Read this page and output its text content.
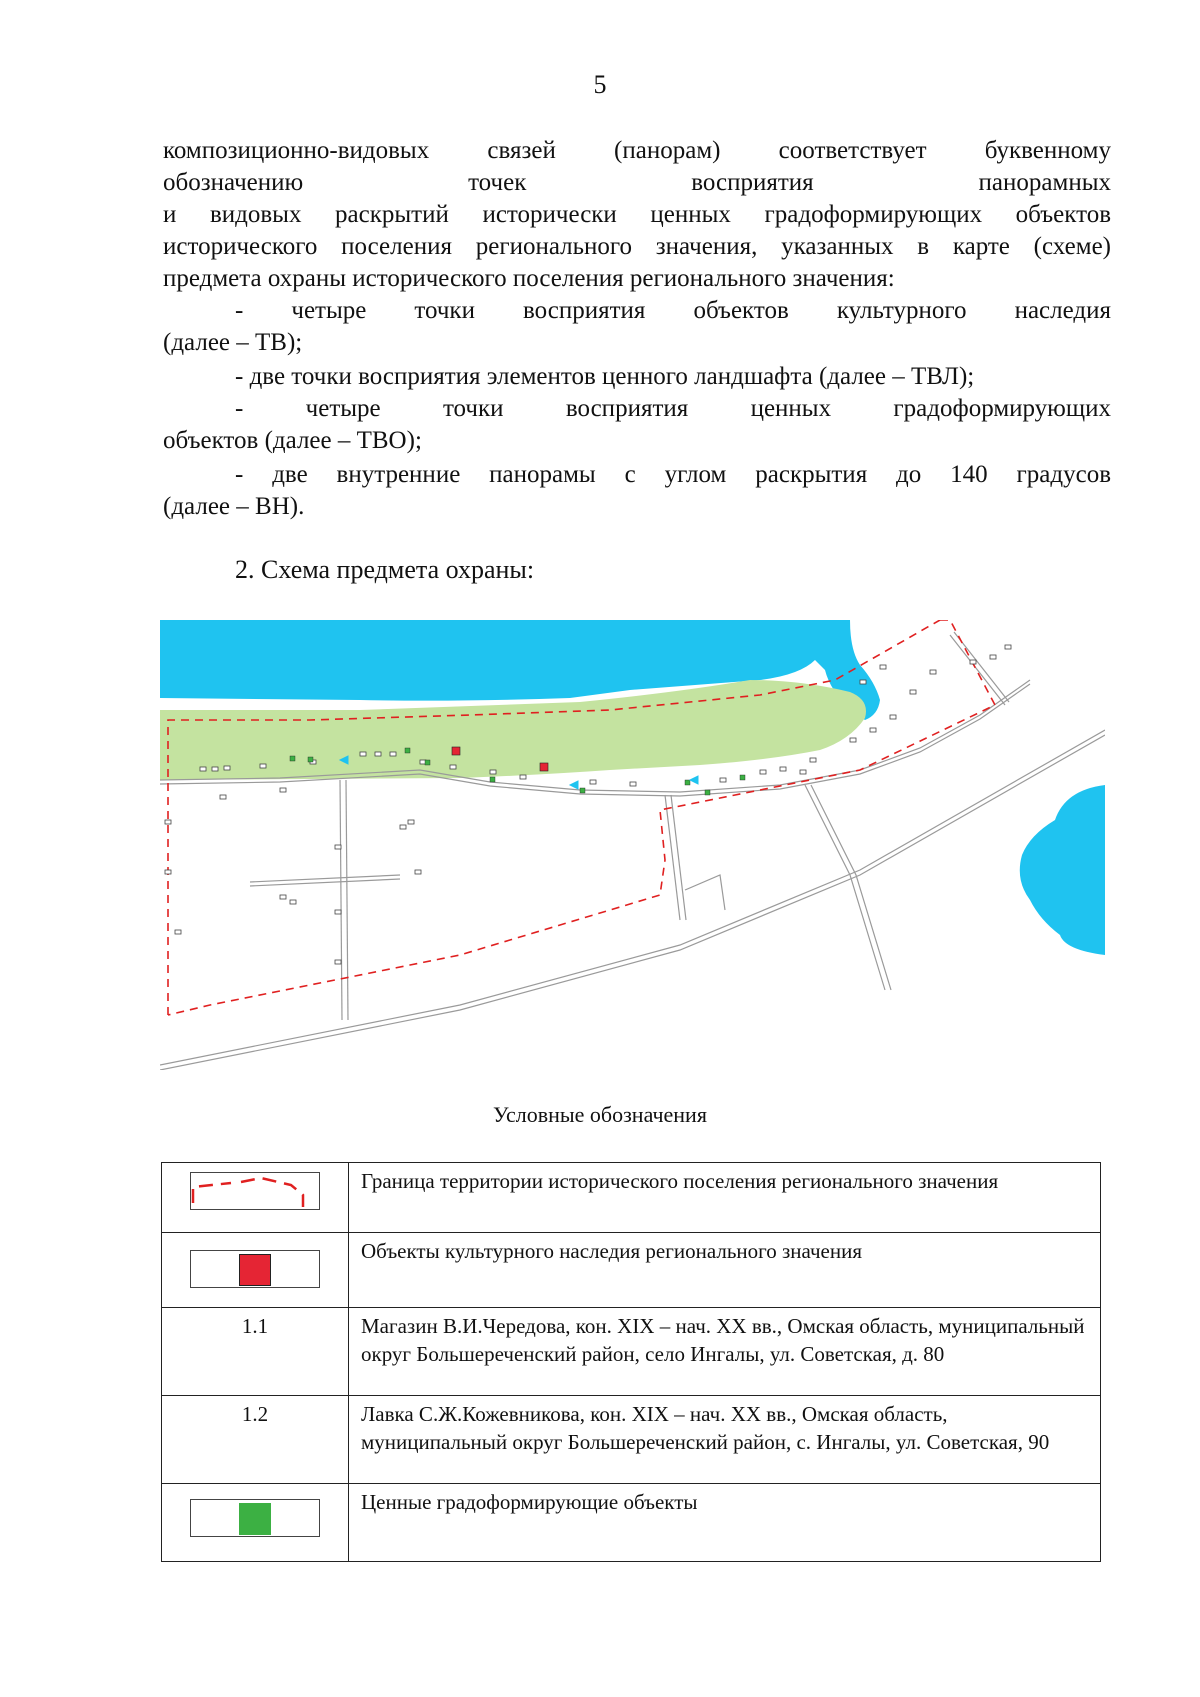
5
композиционно-видовых связей (панорам) соответствует буквенному
обозначению точек восприятия панорамных
и видовых раскрытий исторически ценных градоформирующих объектов
исторического поселения регионального значения, указанных в карте (схеме)
предмета охраны исторического поселения регионального значения:
- четыре точки восприятия объектов культурного наследия
(далее – ТВ);
- две точки восприятия элементов ценного ландшафта (далее – ТВЛ);
- четыре точки восприятия ценных градоформирующих
объектов (далее – ТВО);
- две внутренние панорамы с углом раскрытия до 140 градусов
(далее – ВН).
2. Схема предмета охраны:
Условные обозначения
	Границa территории исторического поселения регионального значения

	Объекты культурного наследия регионального значения
1.1	Магазин В.И.Чередова, кон. XIX – нач. XX вв., Омская область, муниципальный округ Большереченский район, село Ингалы, ул. Советская, д. 80
1.2	Лавка С.Ж.Кожевникова, кон. XIX – нач. XX вв., Омская область, муниципальный округ Большереченский район, с. Ингалы, ул. Советская, 90

	Ценные градоформирующие объекты
